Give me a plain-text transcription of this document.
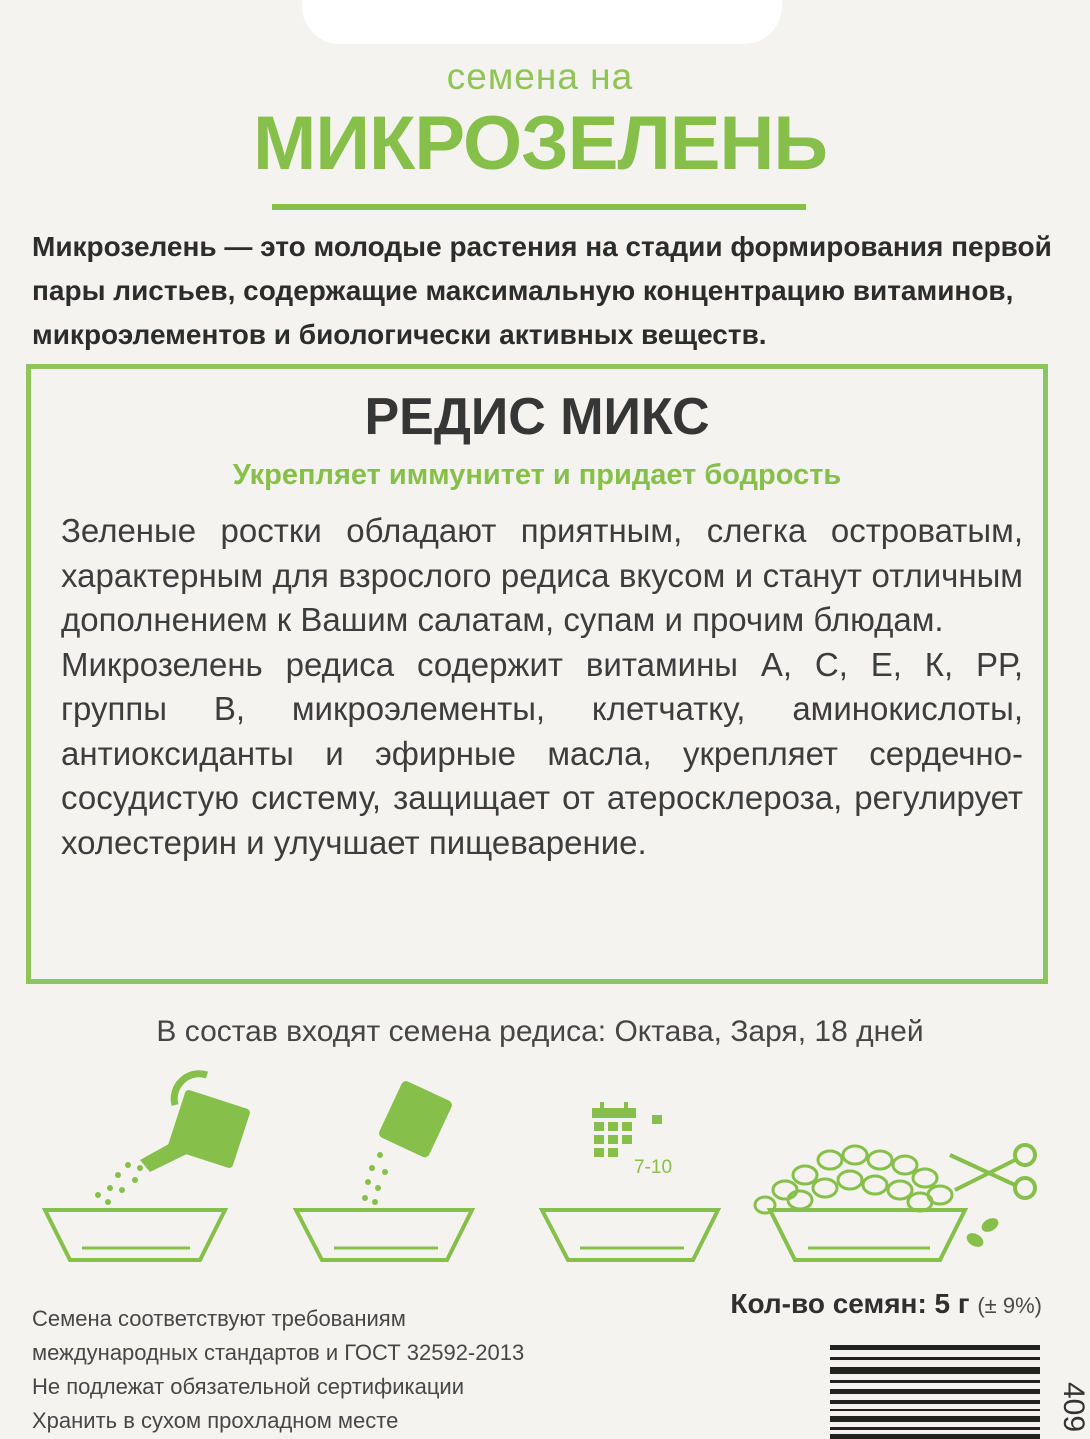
семена на
МИКРОЗЕЛЕНЬ
Микрозелень — это молодые растения на стадии формирования первой пары листьев, содержащие максимальную концентрацию витаминов, микроэлементов и биологически активных веществ.
РЕДИС МИКС
Укрепляет иммунитет и придает бодрость

Зеленые ростки обладают приятным, слегка островатым, характерным для взрослого редиса вкусом и станут отличным дополнением к Вашим салатам, супам и прочим блюдам.

Микрозелень редиса содержит витамины А, С, Е, К, РР, группы В, микроэлементы, клетчатку, аминокислоты, антиоксиданты и эфирные масла, укрепляет сердечно-сосудистую систему, защищает от атеросклероза, регулирует холестерин и улучшает пищеварение.

В состав входят семена редиса: Октава, Заря, 18 дней
7-10
Семена соответствуют требованиям
международных стандартов и ГОСТ 32592-2013
Не подлежат обязательной сертификации
Хранить в сухом прохладном месте
Кол-во семян: 5 г (± 9%)
409
